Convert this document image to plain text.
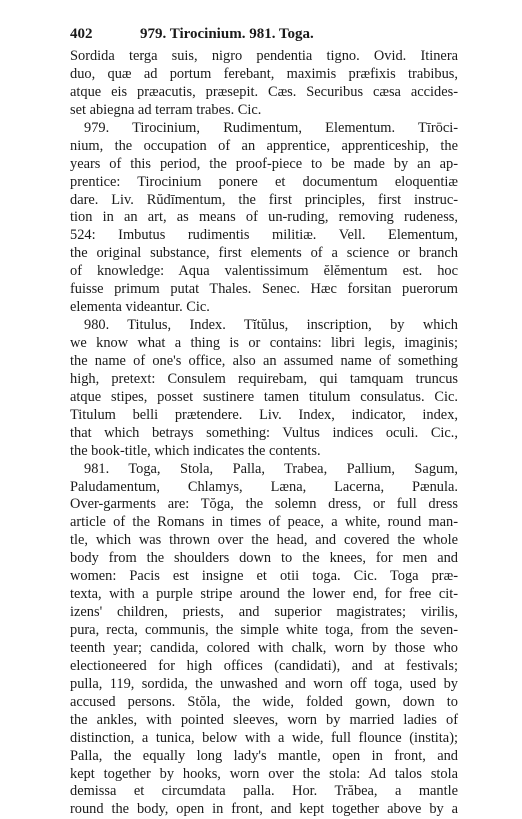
402	979. Tirocinium. 981. Toga.
Sordida terga suis, nigro pendentia tigno. Ovid. Itinera
duo, quæ ad portum ferebant, maximis præfixis trabibus,
atque eis præacutis, præsepit. Cæs. Securibus cæsa accides-
set abiegna ad terram trabes. Cic.
979. Tirocinium, Rudimentum, Elementum. Tīrōci-
nium, the occupation of an apprentice, apprenticeship, the
years of this period, the proof-piece to be made by an ap-
prentice: Tirocinium ponere et documentum eloquentiæ
dare. Liv. Rŭdīmentum, the first principles, first instruc-
tion in an art, as means of un-ruding, removing rudeness,
524: Imbutus rudimentis militiæ. Vell. Elementum,
the original substance, first elements of a science or branch
of knowledge: Aqua valentissimum ĕlĕmentum est. hoc
fuisse primum putat Thales. Senec. Hæc forsitan puerorum
elementa videantur. Cic.
980. Titulus, Index. Tĭtŭlus, inscription, by which
we know what a thing is or contains: libri legis, imaginis;
the name of one's office, also an assumed name of something
high, pretext: Consulem requirebam, qui tamquam truncus
atque stipes, posset sustinere tamen titulum consulatus. Cic.
Titulum belli prætendere. Liv. Index, indicator, index,
that which betrays something: Vultus indices oculi. Cic.,
the book-title, which indicates the contents.
981. Toga, Stola, Palla, Trabea, Pallium, Sagum,
Paludamentum, Chlamys, Læna, Lacerna, Pænula.
Over-garments are: Tŏga, the solemn dress, or full dress
article of the Romans in times of peace, a white, round man-
tle, which was thrown over the head, and covered the whole
body from the shoulders down to the knees, for men and
women: Pacis est insigne et otii toga. Cic. Toga præ-
texta, with a purple stripe around the lower end, for free cit-
izens' children, priests, and superior magistrates; virilis,
pura, recta, communis, the simple white toga, from the seven-
teenth year; candida, colored with chalk, worn by those who
electioneered for high offices (candidati), and at festivals;
pulla, 119, sordida, the unwashed and worn off toga, used by
accused persons. Stŏla, the wide, folded gown, down to
the ankles, with pointed sleeves, worn by married ladies of
distinction, a tunica, below with a wide, full flounce (instita);
Palla, the equally long lady's mantle, open in front, and
kept together by hooks, worn over the stola: Ad talos stola
demissa et circumdata palla. Hor. Trăbea, a mantle
round the body, open in front, and kept together above by a
